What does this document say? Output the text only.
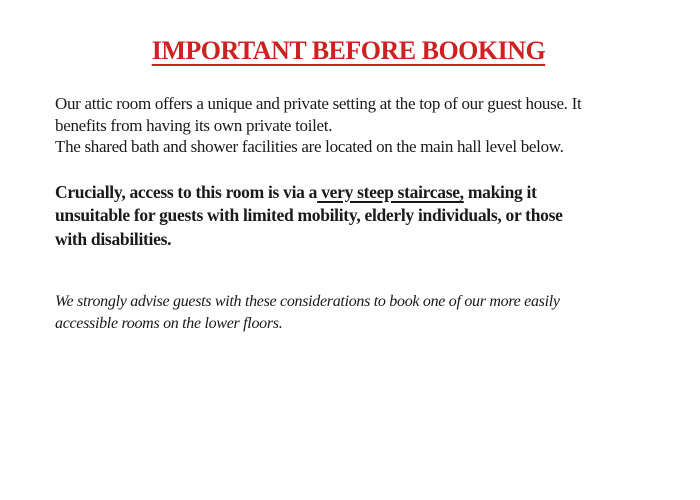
IMPORTANT BEFORE BOOKING

Our attic room offers a unique and private setting at the top of our guest house. It
benefits from having its own private toilet.
The shared bath and shower facilities are located on the main hall level below.

Crucially, access to this room is via a very steep staircase, making it
unsuitable for guests with limited mobility, elderly individuals, or those
with disabilities.

We strongly advise guests with these considerations to book one of our more easily
accessible rooms on the lower floors.
